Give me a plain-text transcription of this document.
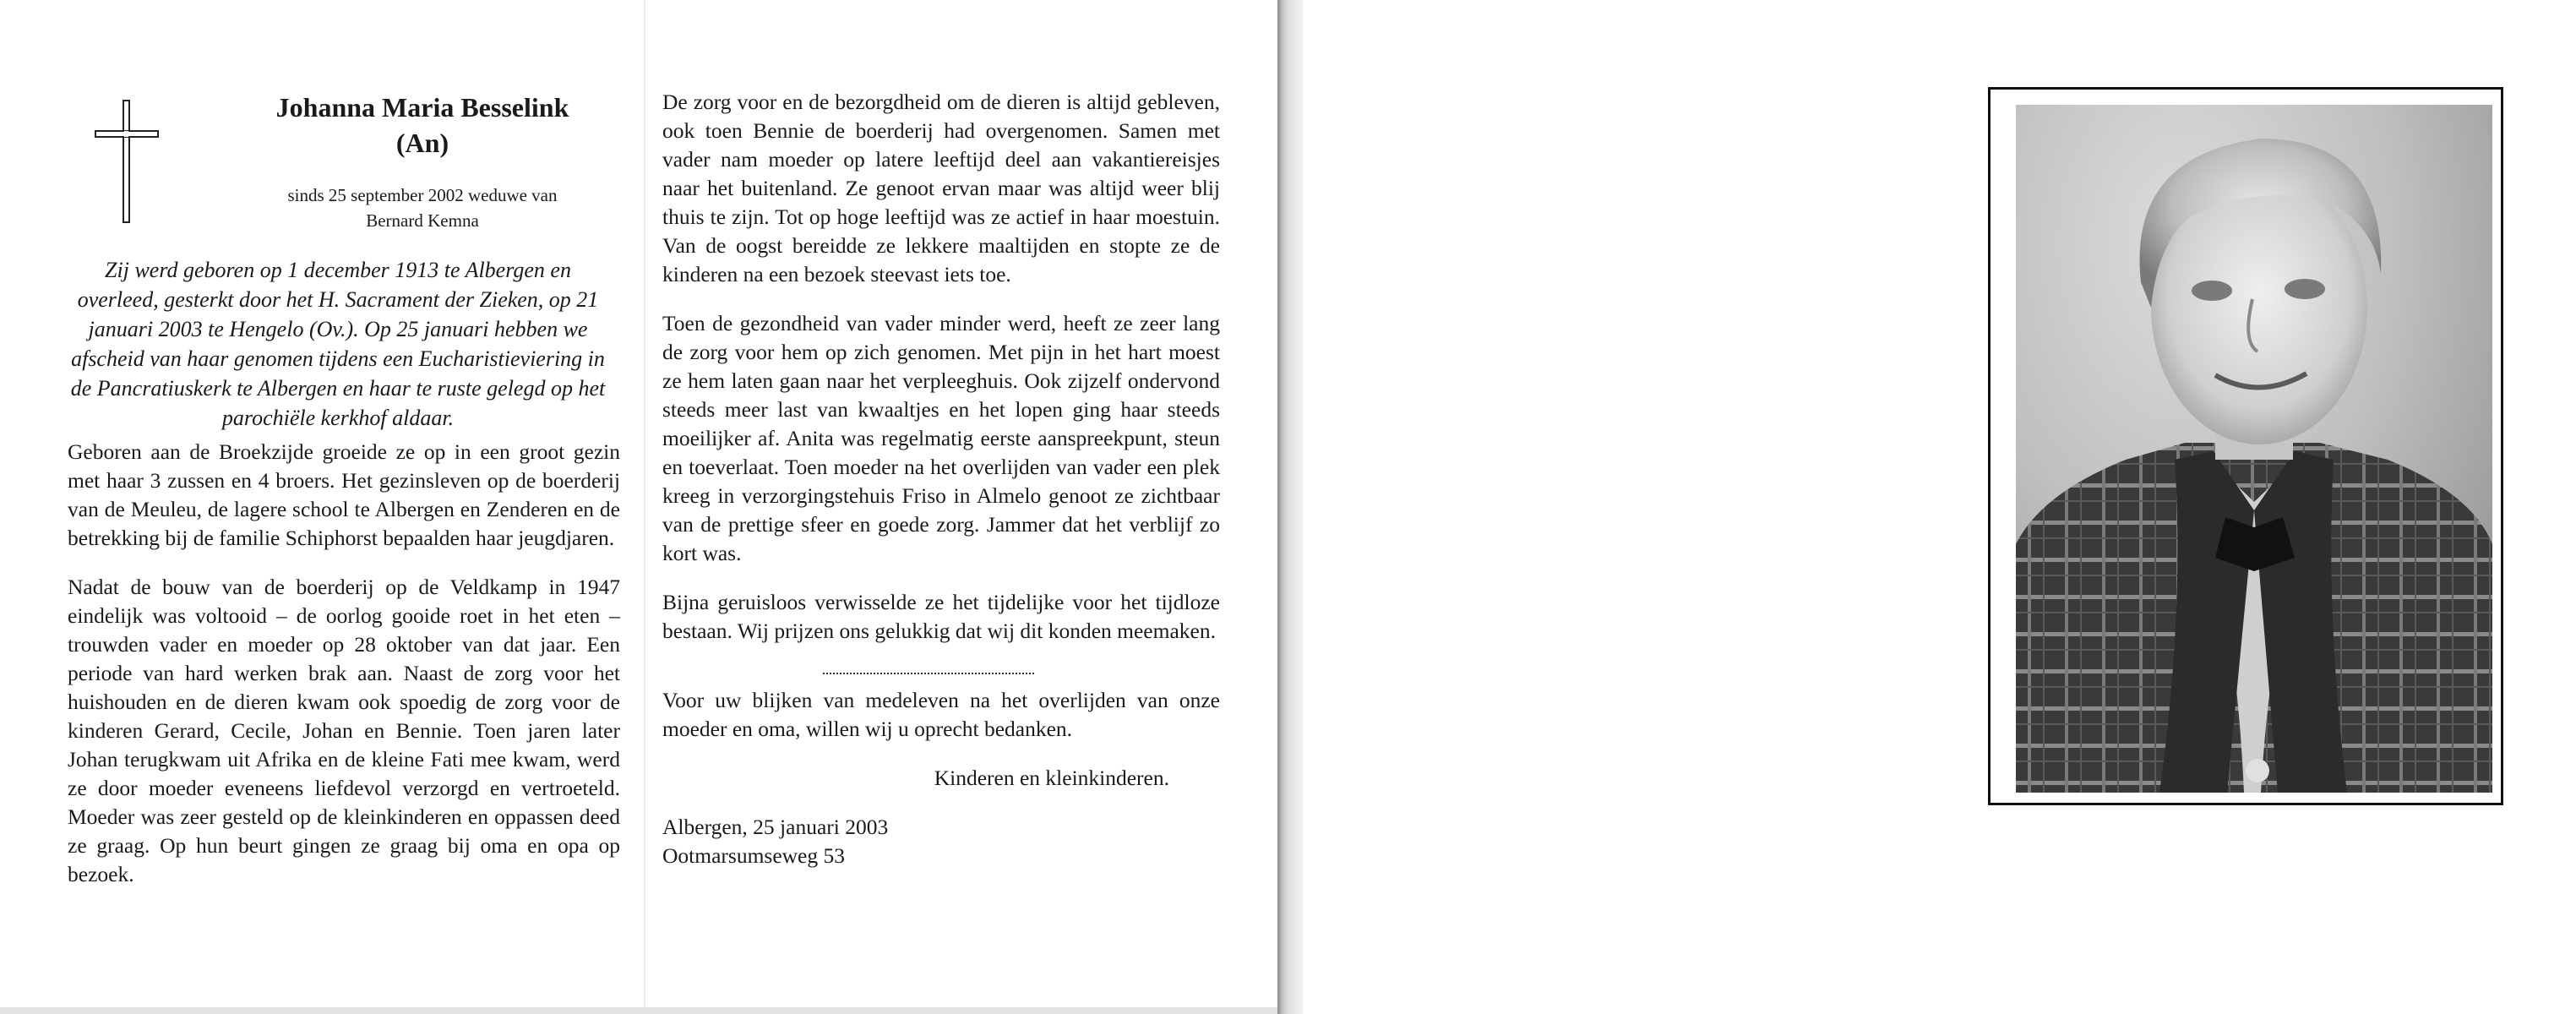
Johanna Maria Besselink
(An)
sinds 25 september 2002 weduwe van
Bernard Kemna

Zij werd geboren op 1 december 1913 te Albergen en overleed, gesterkt door het H. Sacrament der Zieken, op 21 januari 2003 te Hengelo (Ov.). Op 25 januari hebben we afscheid van haar genomen tijdens een Eucharistieviering in de Pancratiuskerk te Albergen en haar te ruste gelegd op het parochiële kerkhof aldaar.

Geboren aan de Broekzijde groeide ze op in een groot gezin met haar 3 zussen en 4 broers. Het gezinsleven op de boerderij van de Meuleu, de lagere school te Albergen en Zenderen en de betrekking bij de familie Schiphorst bepaalden haar jeugdjaren.

Nadat de bouw van de boerderij op de Veldkamp in 1947 eindelijk was voltooid – de oorlog gooide roet in het eten – trouwden vader en moeder op 28 oktober van dat jaar. Een periode van hard werken brak aan. Naast de zorg voor het huishouden en de dieren kwam ook spoedig de zorg voor de kinderen Gerard, Cecile, Johan en Bennie. Toen jaren later Johan terugkwam uit Afrika en de kleine Fati mee kwam, werd ze door moeder eveneens liefdevol verzorgd en vertroeteld. Moeder was zeer gesteld op de kleinkinderen en oppassen deed ze graag. Op hun beurt gingen ze graag bij oma en opa op bezoek.

De zorg voor en de bezorgdheid om de dieren is altijd gebleven, ook toen Bennie de boerderij had overgenomen. Samen met vader nam moeder op latere leeftijd deel aan vakantiereisjes naar het buitenland. Ze genoot ervan maar was altijd weer blij thuis te zijn. Tot op hoge leeftijd was ze actief in haar moestuin. Van de oogst bereidde ze lekkere maaltijden en stopte ze de kinderen na een bezoek steevast iets toe.

Toen de gezondheid van vader minder werd, heeft ze zeer lang de zorg voor hem op zich genomen. Met pijn in het hart moest ze hem laten gaan naar het verpleeghuis. Ook zijzelf ondervond steeds meer last van kwaaltjes en het lopen ging haar steeds moeilijker af. Anita was regelmatig eerste aanspreekpunt, steun en toeverlaat. Toen moeder na het overlijden van vader een plek kreeg in verzorgingstehuis Friso in Almelo genoot ze zichtbaar van de prettige sfeer en goede zorg. Jammer dat het verblijf zo kort was.

Bijna geruisloos verwisselde ze het tijdelijke voor het tijdloze bestaan. Wij prijzen ons gelukkig dat wij dit konden meemaken.

Voor uw blijken van medeleven na het overlijden van onze moeder en oma, willen wij u oprecht bedanken.

Kinderen en kleinkinderen.

Albergen, 25 januari 2003

Ootmarsumseweg 53
